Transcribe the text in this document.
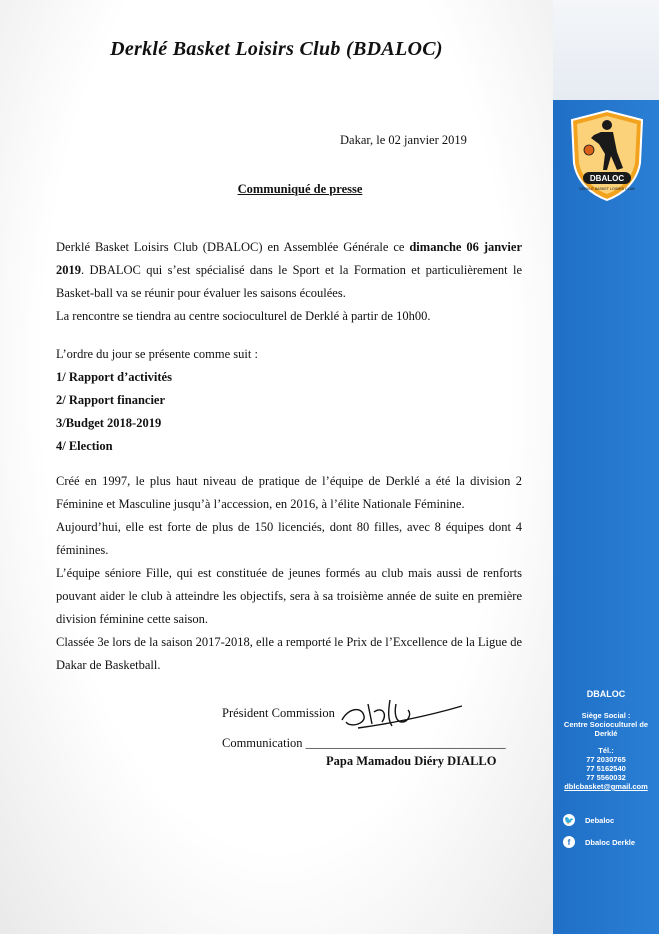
Derklé Basket Loisirs Club (BDALOC)
Dakar, le 02 janvier 2019
Communiqué de presse
Derklé Basket Loisirs Club (DBALOC) en Assemblée Générale ce dimanche 06 janvier 2019. DBALOC qui s’est spécialisé dans le Sport et la Formation et particulièrement le Basket-ball va se réunir pour évaluer les saisons écoulées.
La rencontre se tiendra au centre socioculturel de Derklé à partir de 10h00.
L’ordre du jour se présente comme suit :
1/ Rapport d’activités
2/ Rapport financier
3/Budget 2018-2019
4/ Election
Créé en 1997, le plus haut niveau de pratique de l’équipe de Derklé a été la division 2 Féminine et Masculine jusqu’à l’accession, en 2016, à l’élite Nationale Féminine.
Aujourd’hui, elle est forte de plus de 150 licenciés, dont 80 filles, avec 8 équipes dont 4 féminines.
L’équipe séniore Fille, qui est constituée de jeunes formés au club mais aussi de renforts pouvant aider le club à atteindre les objectifs, sera à sa troisième année de suite en première division féminine cette saison.
Classée 3e lors de la saison 2017-2018, elle a remporté le Prix de l’Excellence de la Ligue de Dakar de Basketball.
Président Commission
Communication ________________________________
Papa Mamadou Diéry DIALLO
DBALOC
DERKLÉ BASKET LOISIRS CLUB
DBALOC
Siège Social :
Centre Socioculturel de Derklé
Tél.:
77 2030765
77 5162540
77 5560032
dblcbasket@gmail.com
🐦 Debaloc
f	Dbaloc Derkle
